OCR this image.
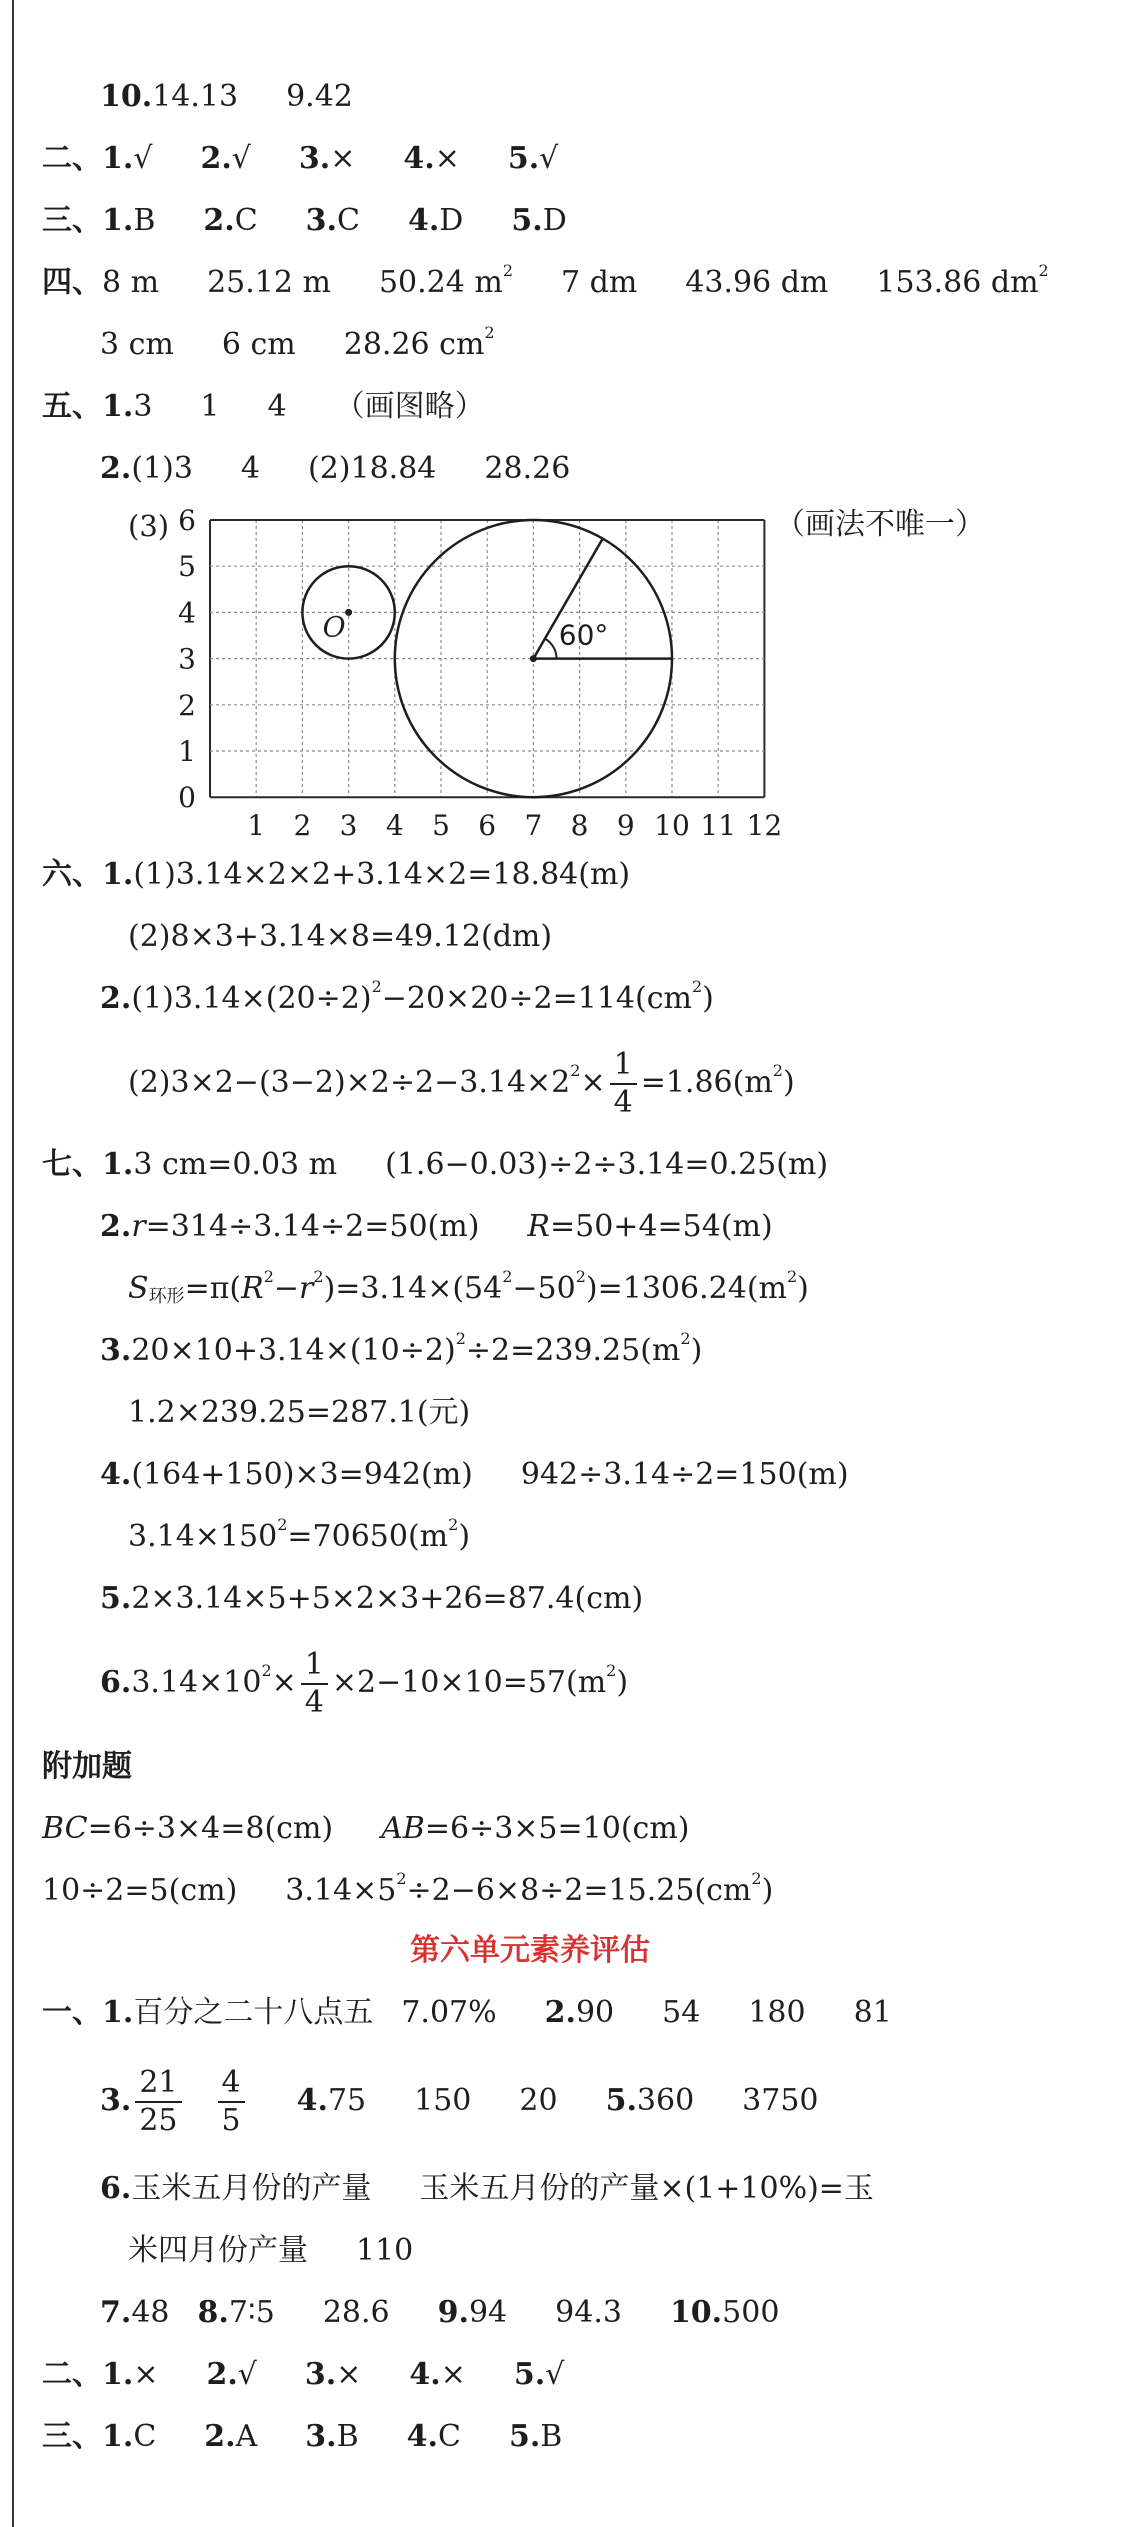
10.14.13 9.42
二、1.√ 2.√ 3.× 4.× 5.√
三、1.B 2.C 3.C 4.D 5.D
四、8 m 25.12 m 50.24 $m^2$ 7 dm 43.96 dm 153.86 $dm^2$
3 cm 6 cm 28.26 $cm^2$
五、1.3 1 4 （画图略）
2.(1)3 4 (2)18.84 28.26
1 2 3 4 5 6 7 8 9 10 11 12
0
1
2
3
4
5
6
(3)
O	60°
（画法不唯一）
六、1.(1)3.14×2×2+3.14×2=18.84(m)
(2)8×3+3.14×8=49.12(dm)
$2.(1)3.14\times(20\div 2)^2-20\times 20\div 2=114(cm^2)$
$(2)3\times 2-(3-2)\times 2\div 2-3.14\times 2^2\times \frac{1}{4} =1.86(m^2)$
七、1.3 cm=0.03 m (1.6−0.03)÷2÷3.14=0.25(m)
2.r=314÷3.14÷2=50(m) R=50+4=54(m)
$S_{环形}=\pi(R^2-r^2)=3.14\times(54^2-50^2)=1306.24(m^2)$
$3.20\times 10+3.14\times(10\div 2)^2\div 2=239.25(m^2)$
1.2×239.25=287.1(元)
4.(164+150)×3=942(m) 942÷3.14÷2=150(m)
$3.14\times 150^2=70650(m^2)$
5.2×3.14×5+5×2×3+26=87.4(cm)
$6.3.14\times 10^2\times \frac{1}{4} \times 2-10\times 10=57(m^2)$
附加题
BC=6÷3×4=8(cm) AB=6÷3×5=10(cm)
10÷2=5(cm) $3.14\times 5^2\div 2-6\times 8\div 2=15.25(cm^2)$
第六单元素养评估
一、1.百分之二十八点五 7.07% 2.90 54 180 81
3. $\frac{21}{25} \frac{4}{5} 4.75$ 150 20 5.360 3750
6.玉米五月份的产量 玉米五月份的产量×(1+10%)=玉
米四月份产量 110
7.48 8.7∶5 28.6 9.94 94.3 10.500
二、1.× 2.√ 3.× 4.× 5.√
三、1.C 2.A 3.B 4.C 5.B
